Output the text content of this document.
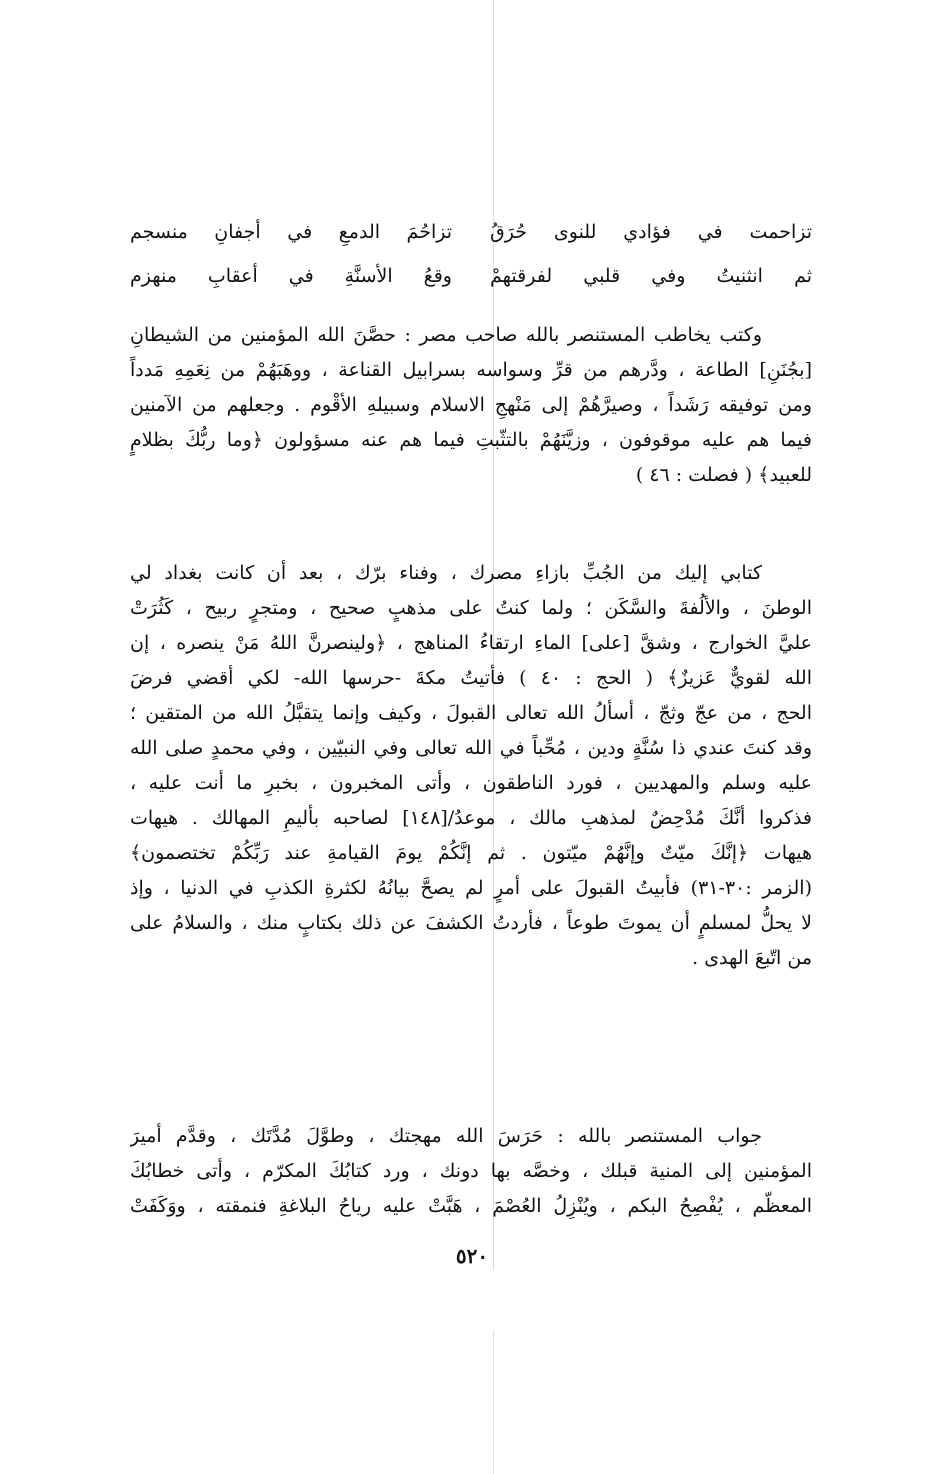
تزاحمت في فؤادي للنوى حُرَقُ
تزاحُمَ الدمعِ في أجفانِ منسجم
ثم انثنيتُ وفي قلبي لفرقتهمْ
وقعُ الأسنَّةِ في أعقابِ منهزم
وكتب يخاطب المستنصر بالله صاحب مصر : حصَّنَ الله المؤمنين من الشيطانِ
[بجُنَنِ] الطاعة ، ودَّرهم من قرِّ وسواسه بسرابيل القناعة ، ووهَبَهُمْ من نِعَمِهِ مَدداً
ومن توفيقه رَشَداً ، وصيرَّهُمْ إلى مَنْهجِ الاسلام وسبيلهِ الأقْوم . وجعلهم من الآمنين
فيما هم عليه موقوفون ، وزيَّنَهُمْ بالتثّبتِ فيما هم عنه مسؤولون ﴿وما ربُّكَ بظلامٍ
للعبيد﴾ ( فصلت : ٤٦ )
كتابي إليك من الجُبِّ بازاءِ مصرك ، وفناء برّك ، بعد أن كانت بغداد لي
الوطنَ ، والألُفةَ والسَّكَن ؛ ولما كنتُ على مذهبٍ صحيح ، ومتجرٍ ربيح ، كَثُرَتْ
عليَّ الخوارج ، وشقَّ [على] الماءِ ارتقاءُ المناهج ، ﴿ولينصرنَّ اللهُ مَنْ ينصره ، إن
الله لقويٌّ عَزيزٌ﴾ ( الحج : ٤٠ ) فأتيتُ مكةَ -حرسها الله- لكي أقضي فرضَ
الحج ، من عجّ وثجّ ، أسألُ الله تعالى القبولَ ، وكيف وإنما يتقبَّلُ الله من المتقين ؛
وقد كنتَ عندي ذا سُنَّةٍ ودين ، مُحِّباً في الله تعالى وفي النبيّين ، وفي محمدٍ صلى الله
عليه وسلم والمهديين ، فورد الناطقون ، وأتى المخبرون ، بخبرِ ما أنت عليه ،
فذكروا أنَّكَ مُدْحِضٌ لمذهبِ مالك ، موعدُ/[١٤٨] لصاحبه بأليمِ المهالك . هيهات
هيهات ﴿إنَّكَ ميّتٌ وإنَّهُمْ ميّتون . ثم إنَّكُمْ يومَ القيامةِ عند رَبِّكُمْ تختصمون﴾
(الزمر :٣٠-٣١) فأبيتُ القبولَ على أمرٍ لم يصحَّ بيانُهُ لكثرةِ الكذبِ في الدنيا ، وإذ
لا يحلُّ لمسلمٍ أن يموتَ طوعاً ، فأردتُ الكشفَ عن ذلك بكتابٍ منك ، والسلامُ على
من اتّبعَ الهدى .
جواب المستنصر بالله : حَرَسَ الله مهجتك ، وطوَّلَ مُدَّتَك ، وقدَّم أميرَ
المؤمنين إلى المنية قبلك ، وخصَّه بها دونك ، ورد كتابُكَ المكرّم ، وأتى خطابُكَ
المعظّم ، يُفْصِحُ البكم ، ويُنْزِلُ العُصْمَ ، هَبَّتْ عليه رياحُ البلاغةِ فنمقته ، ووَكَفَتْ
٥٢٠
